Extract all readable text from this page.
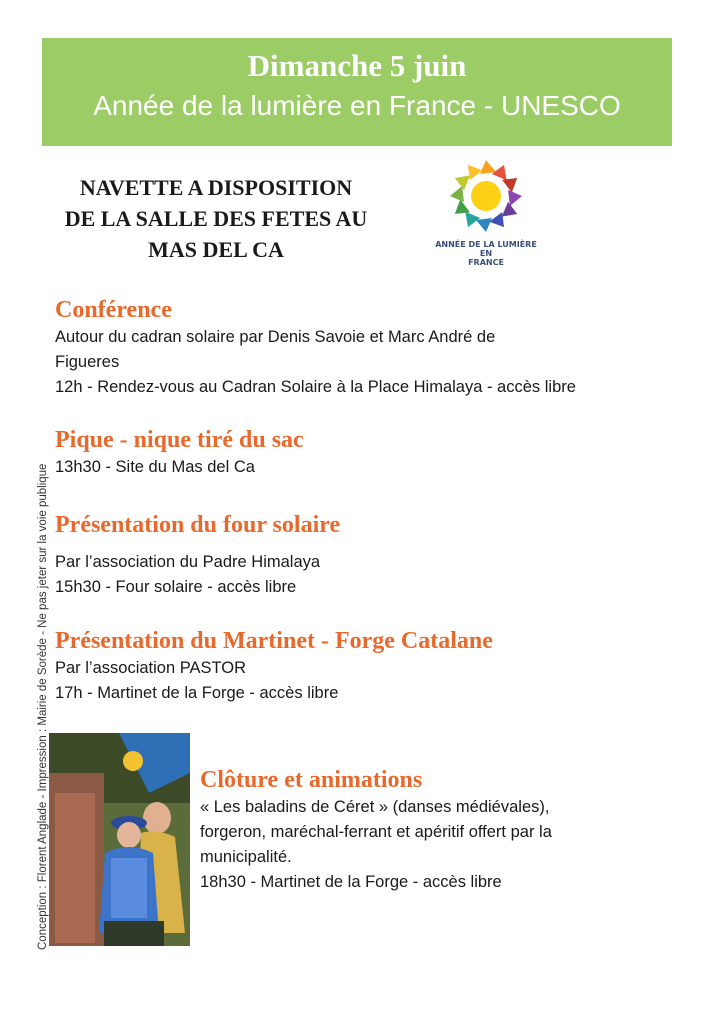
Dimanche 5 juin
Année de la lumière en France - UNESCO
NAVETTE A DISPOSITION
DE LA SALLE DES FETES AU
MAS DEL CA	ANNÉE DE LA LUMIÈRE
EN
FRANCE
Conception : Florent Anglade - Impression : Mairie de Sorède - Ne pas jeter sur la voie publique
Conférence

Autour du cadran solaire par Denis Savoie et Marc André de

Figueres

12h - Rendez-vous au Cadran Solaire à la Place Himalaya - accès libre

Pique - nique tiré du sac

13h30 - Site du Mas del Ca

Présentation du four solaire

Par l’association du Padre Himalaya

15h30 - Four solaire - accès libre

Présentation du Martinet - Forge Catalane

Par l’association PASTOR

17h - Martinet de la Forge - accès libre

Clôture et animations

« Les baladins de Céret » (danses médiévales),

forgeron, maréchal-ferrant et apéritif offert par la

municipalité.

18h30 - Martinet de la Forge - accès libre
